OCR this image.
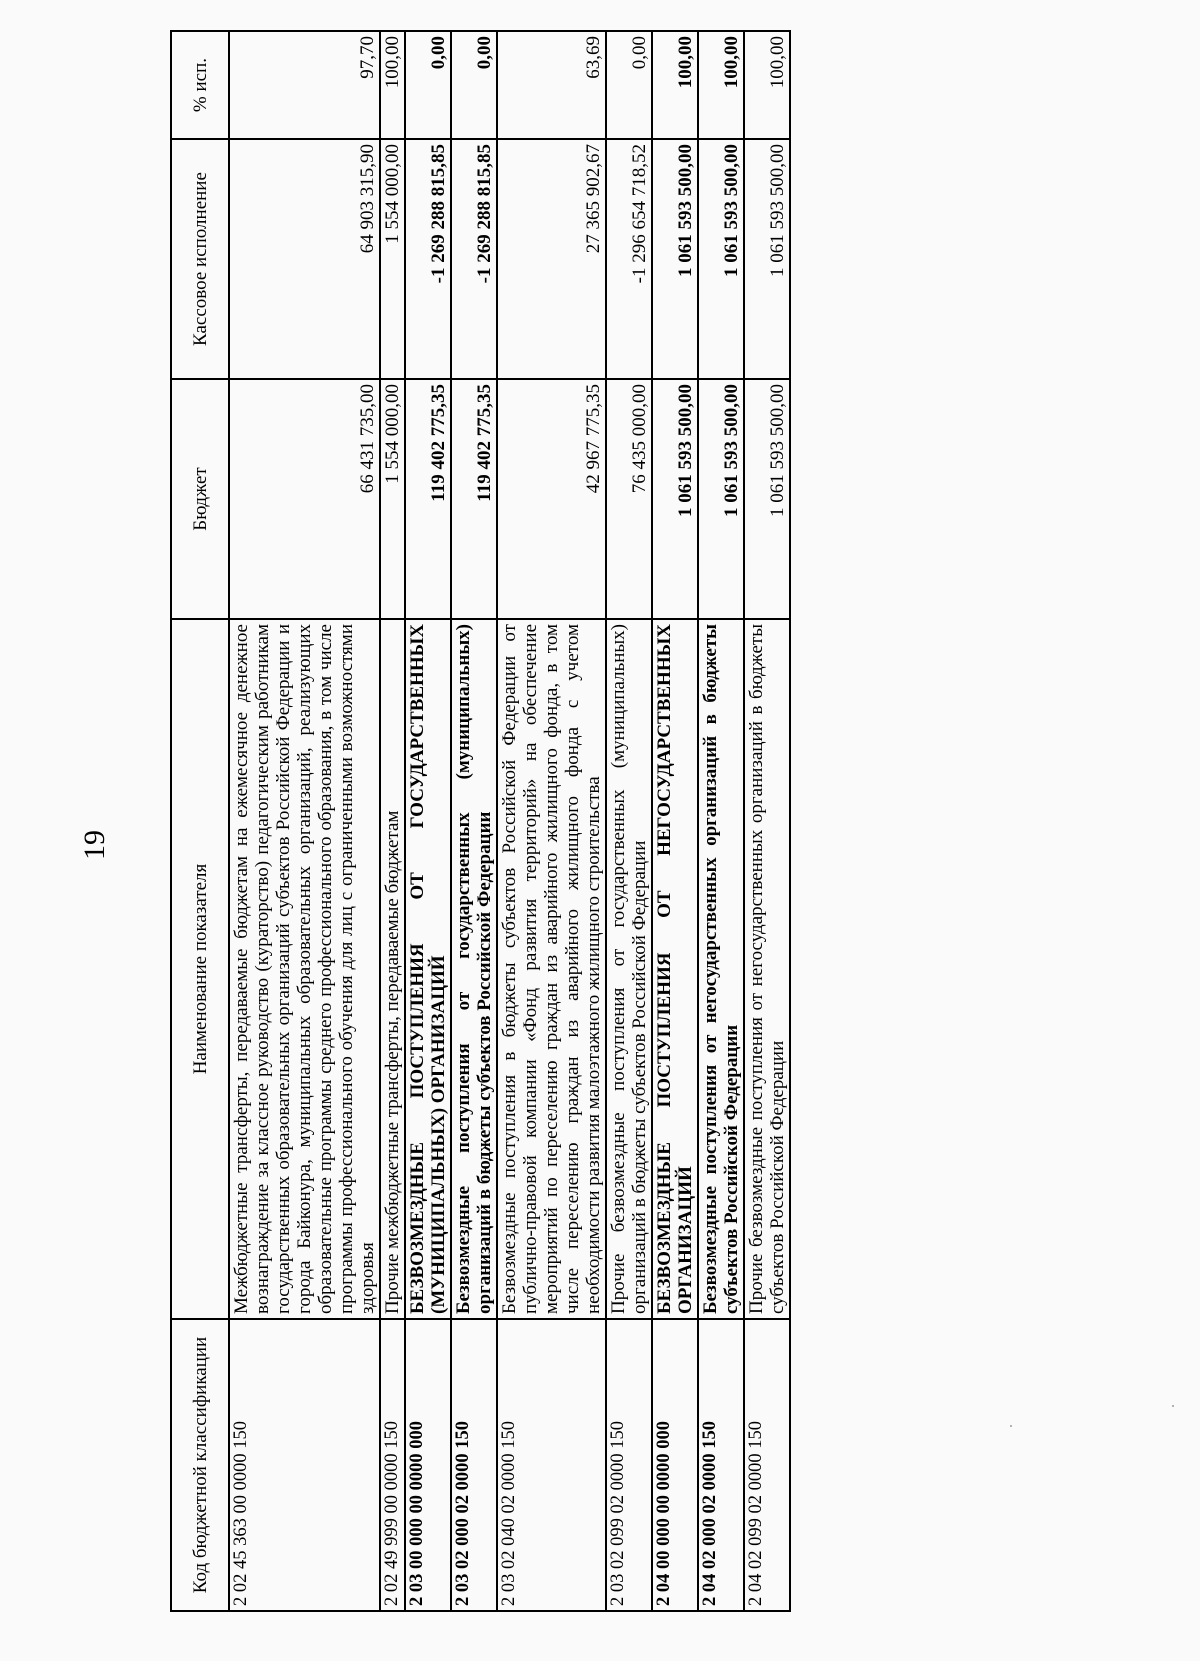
19
Код бюджетной классификации	Наименование показателя	Бюджет	Кассовое исполнение	% исп.
2 02 45 363 00 0000 150	Межбюджетные трансферты, передаваемые бюджетам на ежемесячное денежное вознаграждение за классное руководство (кураторство) педагогическим работникам государственных образовательных организаций субъектов Российской Федерации и города Байконура, муниципальных образовательных организаций, реализующих образовательные программы среднего профессионального образования, в том числе программы профессионального обучения для лиц с ограниченными возможностями здоровья	66 431 735,00	64 903 315,90	97,70
2 02 49 999 00 0000 150	Прочие межбюджетные трансферты, передаваемые бюджетам	1 554 000,00	1 554 000,00	100,00
2 03 00 000 00 0000 000	БЕЗВОЗМЕЗДНЫЕ ПОСТУПЛЕНИЯ ОТ ГОСУДАРСТВЕННЫХ (МУНИЦИПАЛЬНЫХ) ОРГАНИЗАЦИЙ	119 402 775,35	-1 269 288 815,85	0,00
2 03 02 000 02 0000 150	Безвозмездные поступления от государственных (муниципальных) организаций в бюджеты субъектов Российской Федерации	119 402 775,35	-1 269 288 815,85	0,00
2 03 02 040 02 0000 150	Безвозмездные поступления в бюджеты субъектов Российской Федерации от публично-правовой компании «Фонд развития территорий» на обеспечение мероприятий по переселению граждан из аварийного жилищного фонда, в том числе переселению граждан из аварийного жилищного фонда с учетом необходимости развития малоэтажного жилищного строительства	42 967 775,35	27 365 902,67	63,69
2 03 02 099 02 0000 150	Прочие безвозмездные поступления от государственных (муниципальных) организаций в бюджеты субъектов Российской Федерации	76 435 000,00	-1 296 654 718,52	0,00
2 04 00 000 00 0000 000	БЕЗВОЗМЕЗДНЫЕ ПОСТУПЛЕНИЯ ОТ НЕГОСУДАРСТВЕННЫХ ОРГАНИЗАЦИЙ	1 061 593 500,00	1 061 593 500,00	100,00
2 04 02 000 02 0000 150	Безвозмездные поступления от негосударственных организаций в бюджеты субъектов Российской Федерации	1 061 593 500,00	1 061 593 500,00	100,00
2 04 02 099 02 0000 150	Прочие безвозмездные поступления от негосударственных организаций в бюджеты субъектов Российской Федерации	1 061 593 500,00	1 061 593 500,00	100,00
